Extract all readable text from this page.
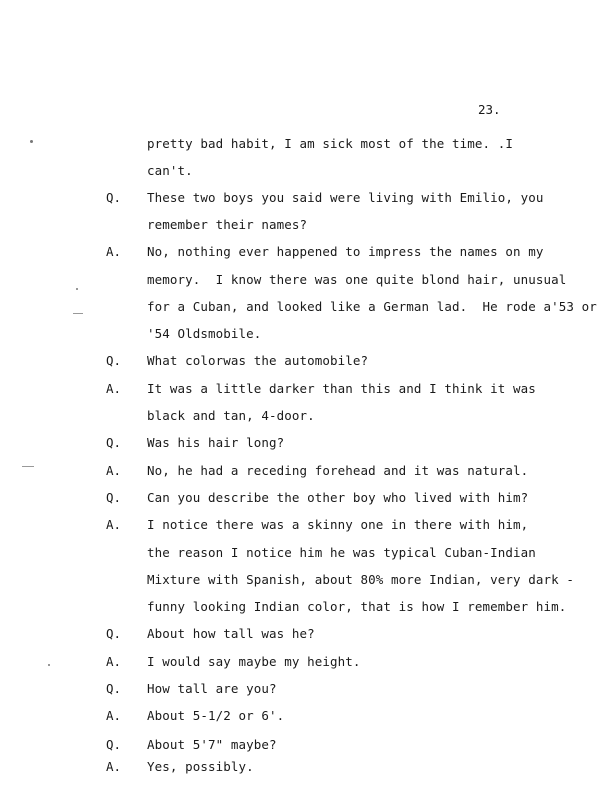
23.
pretty bad habit, I am sick most of the time. .I
can't.
Q. These two boys you said were living with Emilio, you
remember their names?
A. No, nothing ever happened to impress the names on my
memory.  I know there was one quite blond hair, unusual
for a Cuban, and looked like a German lad.  He rode a'53 or
'54 Oldsmobile.
Q. What colorwas the automobile?
A. It was a little darker than this and I think it was
black and tan, 4-door.
Q. Was his hair long?
A. No, he had a receding forehead and it was natural.
Q. Can you describe the other boy who lived with him?
A. I notice there was a skinny one in there with him,
the reason I notice him he was typical Cuban-Indian
Mixture with Spanish, about 80% more Indian, very dark -
funny looking Indian color, that is how I remember him.
Q. About how tall was he?
A. I would say maybe my height.
Q. How tall are you?
A. About 5-1/2 or 6'.
Q. About 5'7" maybe?
A. Yes, possibly.
